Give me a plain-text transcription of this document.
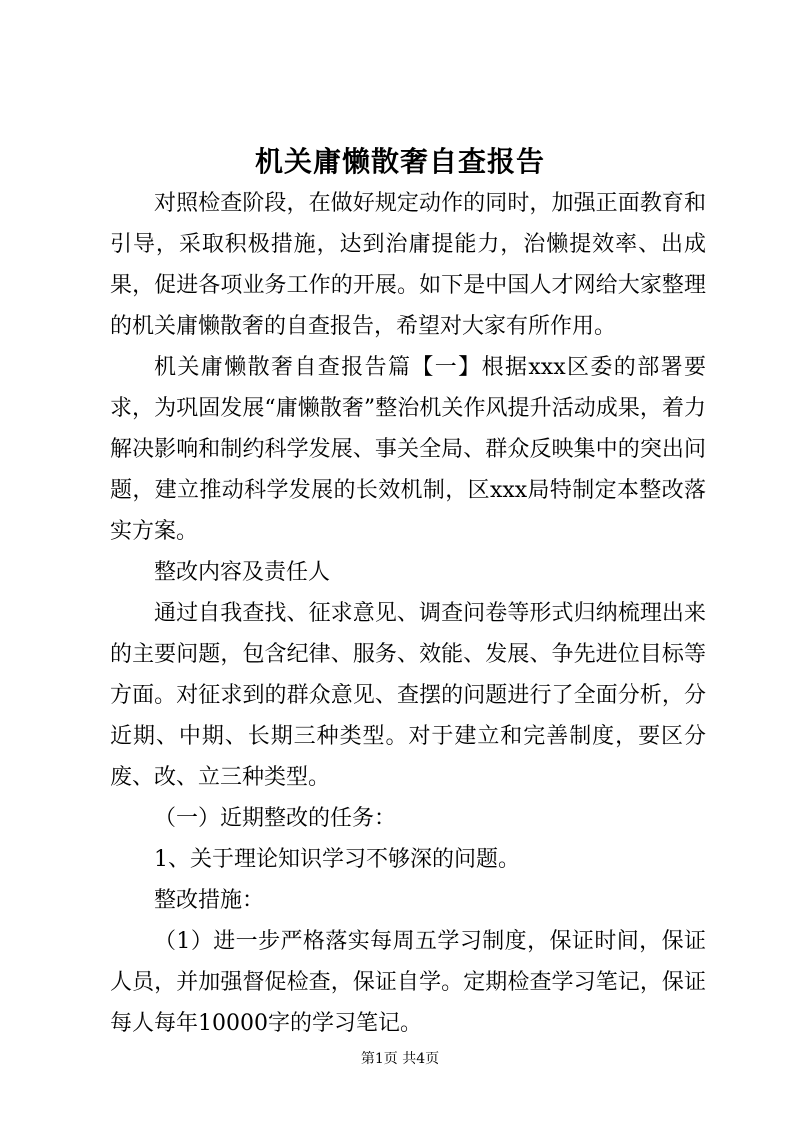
机关庸懒散奢自查报告

对照检查阶段，在做好规定动作的同时，加强正面教育和引导，采取积极措施，达到治庸提能力，治懒提效率、出成果，促进各项业务工作的开展。如下是中国人才网给大家整理的机关庸懒散奢的自查报告，希望对大家有所作用。

机关庸懒散奢自查报告篇【一】根据xxx区委的部署要求，为巩固发展“庸懒散奢”整治机关作风提升活动成果，着力解决影响和制约科学发展、事关全局、群众反映集中的突出问题，建立推动科学发展的长效机制，区xxx局特制定本整改落实方案。

整改内容及责任人

通过自我查找、征求意见、调查问卷等形式归纳梳理出来的主要问题，包含纪律、服务、效能、发展、争先进位目标等方面。对征求到的群众意见、查摆的问题进行了全面分析，分近期、中期、长期三种类型。对于建立和完善制度，要区分废、改、立三种类型。

（一）近期整改的任务：

1、关于理论知识学习不够深的问题。

整改措施：

（1）进一步严格落实每周五学习制度，保证时间，保证人员，并加强督促检查，保证自学。定期检查学习笔记，保证每人每年10000字的学习笔记。

第1页 共4页
